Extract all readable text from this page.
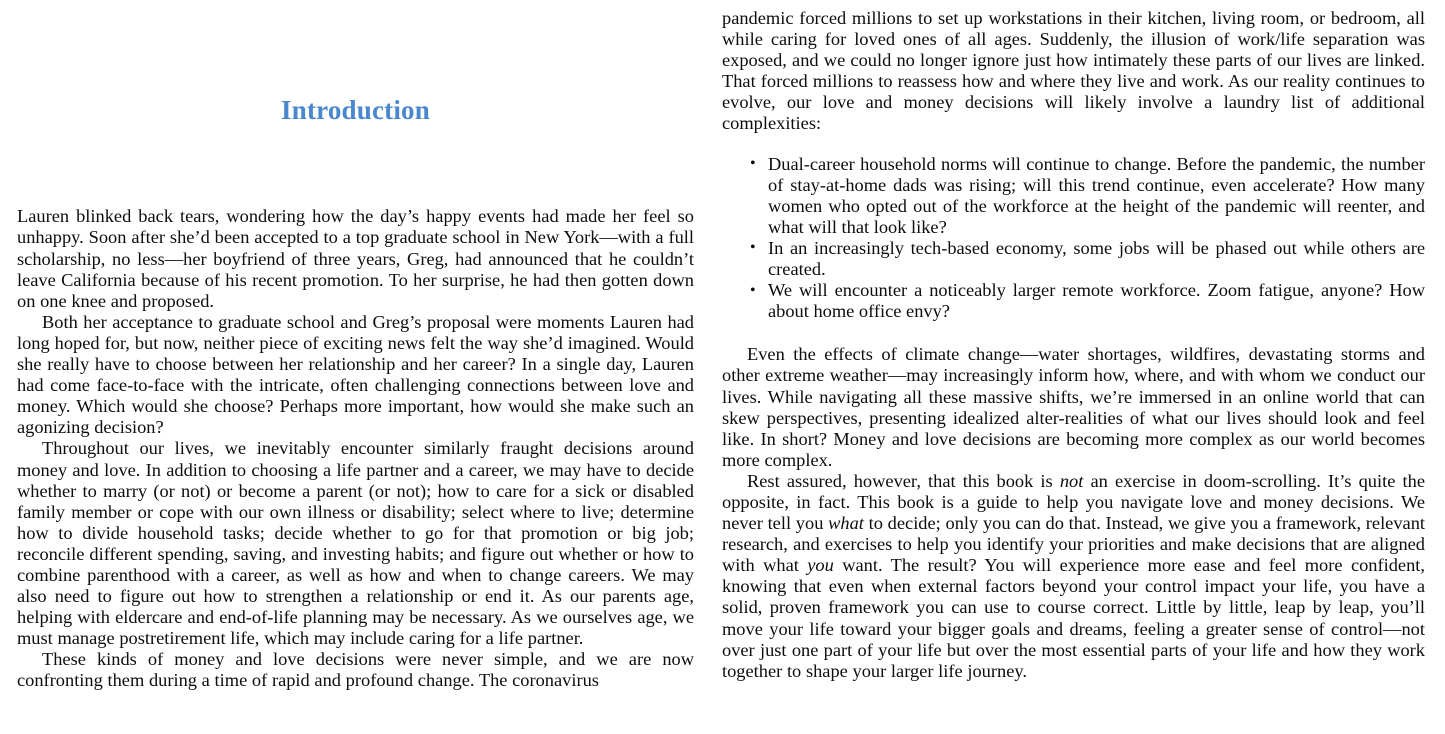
Introduction

Lauren blinked back tears, wondering how the day’s happy events had made her feel so unhappy. Soon after she’d been accepted to a top graduate school in New York—with a full scholarship, no less—her boyfriend of three years, Greg, had announced that he couldn’t leave California because of his recent promotion. To her surprise, he had then gotten down on one knee and proposed.

Both her acceptance to graduate school and Greg’s proposal were moments Lauren had long hoped for, but now, neither piece of exciting news felt the way she’d imagined. Would she really have to choose between her relationship and her career? In a single day, Lauren had come face-to-face with the intricate, often challenging connections between love and money. Which would she choose? Perhaps more important, how would she make such an agonizing decision?

Throughout our lives, we inevitably encounter similarly fraught decisions around money and love. In addition to choosing a life partner and a career, we may have to decide whether to marry (or not) or become a parent (or not); how to care for a sick or disabled family member or cope with our own illness or disability; select where to live; determine how to divide household tasks; decide whether to go for that promotion or big job; reconcile different spending, saving, and investing habits; and figure out whether or how to combine parenthood with a career, as well as how and when to change careers. We may also need to figure out how to strengthen a relationship or end it. As our parents age, helping with eldercare and end-of-life planning may be necessary. As we ourselves age, we must manage postretirement life, which may include caring for a life partner.

These kinds of money and love decisions were never simple, and we are now confronting them during a time of rapid and profound change. The coronavirus

pandemic forced millions to set up workstations in their kitchen, living room, or bedroom, all while caring for loved ones of all ages. Suddenly, the illusion of work/life separation was exposed, and we could no longer ignore just how intimately these parts of our lives are linked. That forced millions to reassess how and where they live and work. As our reality continues to evolve, our love and money decisions will likely involve a laundry list of additional complexities:

• Dual-career household norms will continue to change. Before the pandemic, the number of stay-at-home dads was rising; will this trend continue, even accelerate? How many women who opted out of the workforce at the height of the pandemic will reenter, and what will that look like?
• In an increasingly tech-based economy, some jobs will be phased out while others are created.
• We will encounter a noticeably larger remote workforce. Zoom fatigue, anyone? How about home office envy?

Even the effects of climate change—water shortages, wildfires, devastating storms and other extreme weather—may increasingly inform how, where, and with whom we conduct our lives. While navigating all these massive shifts, we’re immersed in an online world that can skew perspectives, presenting idealized alter-realities of what our lives should look and feel like. In short? Money and love decisions are becoming more complex as our world becomes more complex.

Rest assured, however, that this book is not an exercise in doom-scrolling. It’s quite the opposite, in fact. This book is a guide to help you navigate love and money decisions. We never tell you what to decide; only you can do that. Instead, we give you a framework, relevant research, and exercises to help you identify your priorities and make decisions that are aligned with what you want. The result? You will experience more ease and feel more confident, knowing that even when external factors beyond your control impact your life, you have a solid, proven framework you can use to course correct. Little by little, leap by leap, you’ll move your life toward your bigger goals and dreams, feeling a greater sense of control—not over just one part of your life but over the most essential parts of your life and how they work together to shape your larger life journey.
